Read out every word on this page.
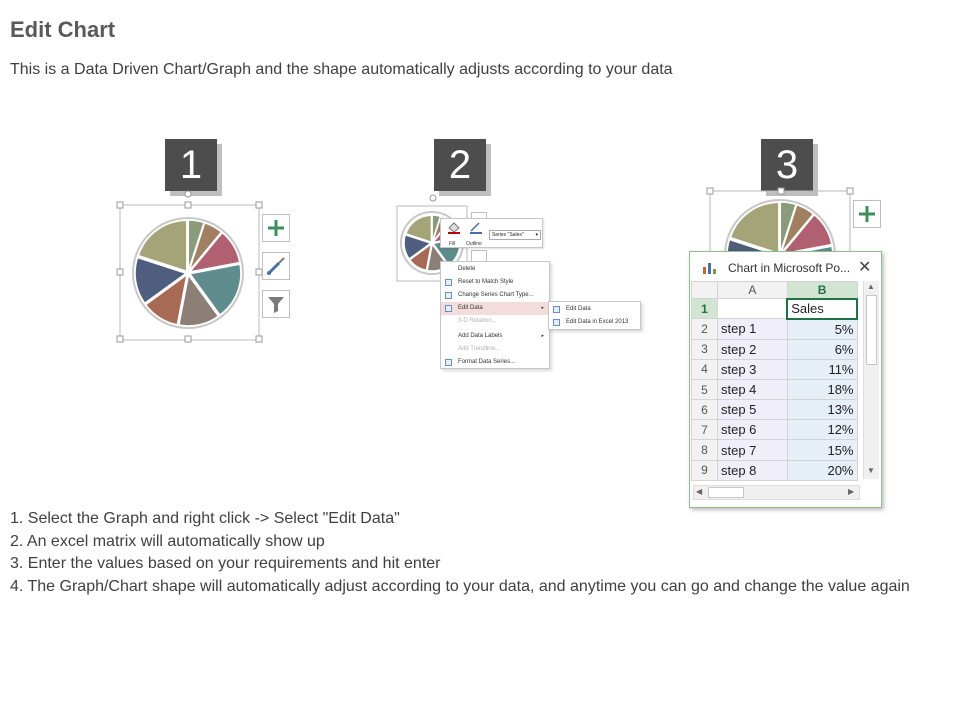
Edit Chart
This is a Data Driven Chart/Graph and the shape automatically adjusts according to your data
1	2	3
Fill Outline
Series "Sales" ▾
Delete
Reset to Match Style
Change Series Chart Type...
Edit Data	▸
3-D Rotation...
Add Data Labels	▸
Add Trendline...
Format Data Series...
Edit Data
Edit Data in Excel 2013
Chart in Microsoft Po... ✕
	A	B
1		Sales
2	step 1	5%
3	step 2	6%
4	step 3	11%
5	step 4	18%
6	step 5	13%
7	step 6	12%
8	step 7	15%
9	step 8	20%
▲
▼
◀	▶
1. Select the Graph and right click -> Select "Edit Data"
2. An excel matrix will automatically show up
3. Enter the values based on your requirements and hit enter
4. The Graph/Chart shape will automatically adjust according to your data, and anytime you can go and change the value again
